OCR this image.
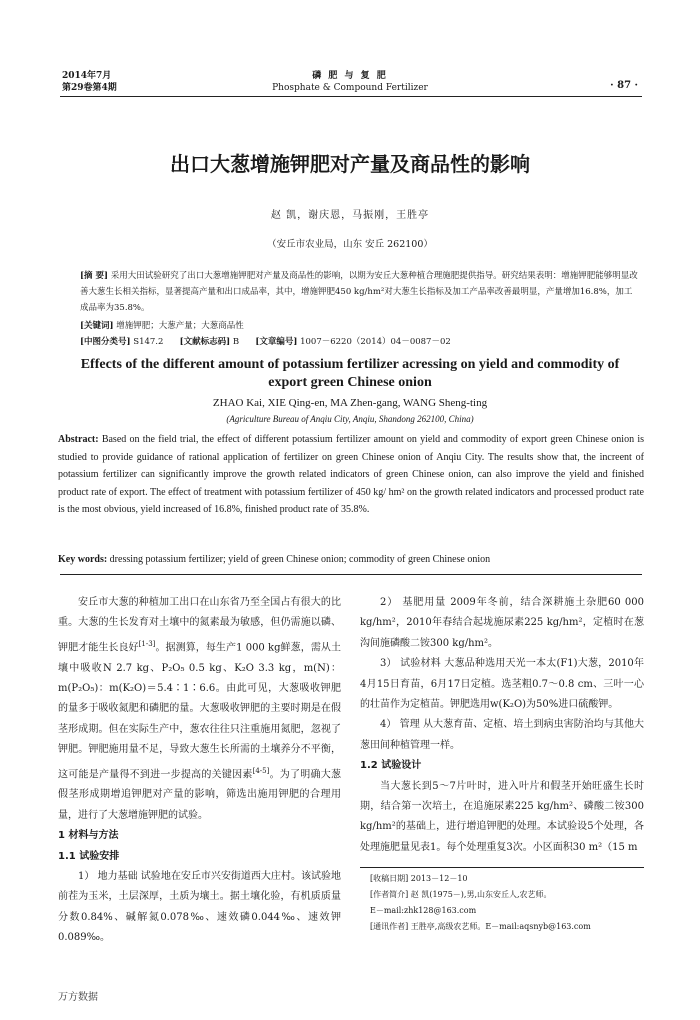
2014年7月
第29卷第4期
磷 肥 与 复 肥
Phosphate & Compound Fertilizer	· 87 ·
出口大葱增施钾肥对产量及商品性的影响
赵 凯，谢庆恩，马振刚，王胜亭
（安丘市农业局，山东 安丘 262100）
[摘 要] 采用大田试验研究了出口大葱增施钾肥对产量及商品性的影响，以期为安丘大葱种植合理施肥提供指导。研究结果表明：增施钾肥能够明显改善大葱生长相关指标，显著提高产量和出口成品率，其中，增施钾肥450 kg/hm²对大葱生长指标及加工产品率改善最明显，产量增加16.8%，加工成品率为35.8%。
[关键词] 增施钾肥；大葱产量；大葱商品性
[中图分类号] S147.2 [文献标志码] B [文章编号] 1007－6220（2014）04－0087－02
Effects of the different amount of potassium fertilizer acressing on yield and commodity of export green Chinese onion
ZHAO Kai, XIE Qing-en, MA Zhen-gang, WANG Sheng-ting
(Agriculture Bureau of Anqiu City, Anqiu, Shandong 262100, China)
Abstract: Based on the field trial, the effect of different potassium fertilizer amount on yield and commodity of export green Chinese onion is studied to provide guidance of rational application of fertilizer on green Chinese onion of Anqiu City. The results show that, the increent of potassium fertilizer can significantly improve the growth related indicators of green Chinese onion, can also improve the yield and finished product rate of export. The effect of treatment with potassium fertilizer of 450 kg/ hm² on the growth related indicators and processed product rate is the most obvious, yield increased of 16.8%, finished product rate of 35.8%.
Key words: dressing potassium fertilizer; yield of green Chinese onion; commodity of green Chinese onion

安丘市大葱的种植加工出口在山东省乃至全国占有很大的比重。大葱的生长发育对土壤中的氮素最为敏感，但仍需施以磷、钾肥才能生长良好[1-3]。据测算，每生产1 000 kg鲜葱，需从土壤中吸收N 2.7 kg、P₂O₅ 0.5 kg、K₂O 3.3 kg，m(N)：m(P₂O₅)：m(K₂O)＝5.4∶1∶6.6。由此可见，大葱吸收钾肥的量多于吸收氮肥和磷肥的量。大葱吸收钾肥的主要时期是在假茎形成期。但在实际生产中，葱农往往只注重施用氮肥，忽视了钾肥。钾肥施用量不足，导致大葱生长所需的土壤养分不平衡，这可能是产量得不到进一步提高的关键因素[4-5]。为了明确大葱假茎形成期增追钾肥对产量的影响，筛选出施用钾肥的合理用量，进行了大葱增施钾肥的试验。

1 材料与方法

1.1 试验安排

1） 地力基础 试验地在安丘市兴安街道西大庄村。该试验地前茬为玉米，土层深厚，土质为壤土。据土壤化验，有机质质量分数0.84%、碱解氮0.078‰、速效磷0.044‰、速效钾0.089‰。

2） 基肥用量 2009年冬前，结合深耕施土杂肥60 000 kg/hm²，2010年春结合起垅施尿素225 kg/hm²，定植时在葱沟间施磷酸二铵300 kg/hm²。

3） 试验材料 大葱品种选用天光一本太(F1)大葱，2010年4月15日育苗，6月17日定植。选茎粗0.7～0.8 cm、三叶一心的壮苗作为定植苗。钾肥选用w(K₂O)为50%进口硫酸钾。

4） 管理 从大葱育苗、定植、培土到病虫害防治均与其他大葱田间种植管理一样。

1.2 试验设计

当大葱长到5～7片叶时，进入叶片和假茎开始旺盛生长时期，结合第一次培土，在追施尿素225 kg/hm²、磷酸二铵300 kg/hm²的基础上，进行增追钾肥的处理。本试验设5个处理，各处理施肥量见表1。每个处理重复3次。小区面积30 m²（15 m

[收稿日期] 2013－12－10
[作者简介] 赵 凯(1975－),男,山东安丘人,农艺师。
E－mail:zhk128@163.com
[通讯作者] 王胜亭,高级农艺师。E－mail:aqsnyb@163.com
万方数据
